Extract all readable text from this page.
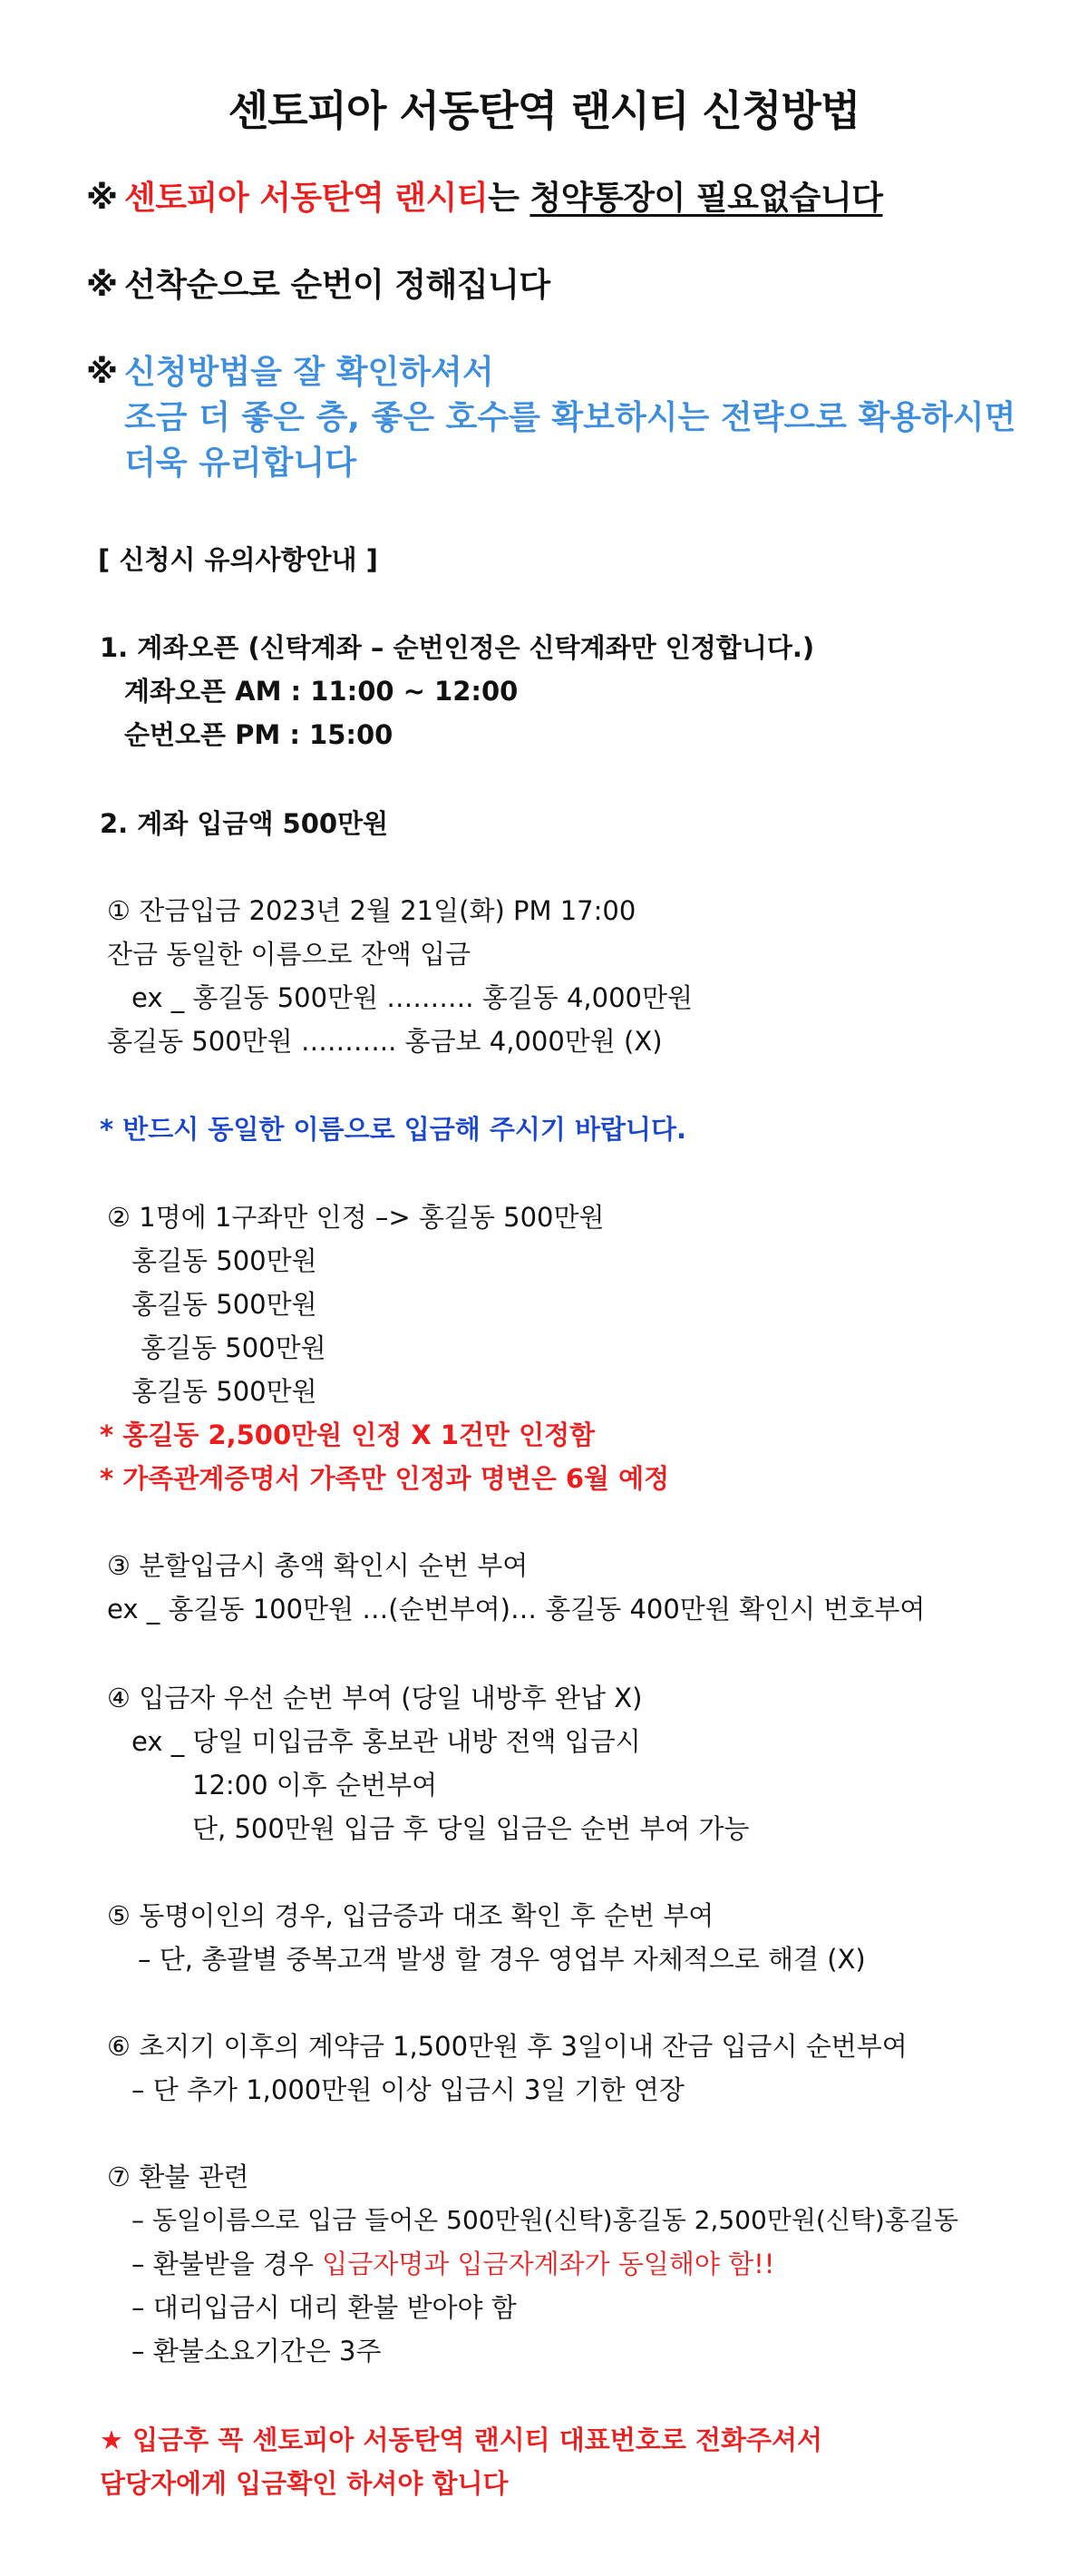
센토피아 서동탄역 랜시티 신청방법
※ 센토피아 서동탄역 랜시티는 청약통장이 필요없습니다
※ 선착순으로 순번이 정해집니다
※ 신청방법을 잘 확인하셔서
조금 더 좋은 층, 좋은 호수를 확보하시는 전략으로 확용하시면
더욱 유리합니다
[ 신청시 유의사항안내 ]
1. 계좌오픈 (신탁계좌 – 순번인정은 신탁계좌만 인정합니다.)
계좌오픈 AM : 11:00 ~ 12:00
순번오픈 PM : 15:00
2. 계좌 입금액 500만원
① 잔금입금 2023년 2월 21일(화) PM 17:00
잔금 동일한 이름으로 잔액 입금
ex _ 홍길동 500만원 ………. 홍길동 4,000만원
홍길동 500만원 ……….. 홍금보 4,000만원 (X)
* 반드시 동일한 이름으로 입금해 주시기 바랍니다.
② 1명에 1구좌만 인정 –> 홍길동 500만원
홍길동 500만원
홍길동 500만원
홍길동 500만원
홍길동 500만원
* 홍길동 2,500만원 인정 X 1건만 인정함
* 가족관계증명서 가족만 인정과 명변은 6월 예정
③ 분할입금시 총액 확인시 순번 부여
ex _ 홍길동 100만원 …(순번부여)… 홍길동 400만원 확인시 번호부여
④ 입금자 우선 순번 부여 (당일 내방후 완납 X)
ex _ 당일 미입금후 홍보관 내방 전액 입금시
12:00 이후 순번부여
단, 500만원 입금 후 당일 입금은 순번 부여 가능
⑤ 동명이인의 경우, 입금증과 대조 확인 후 순번 부여
– 단, 총괄별 중복고객 발생 할 경우 영업부 자체적으로 해결 (X)
⑥ 초지기 이후의 계약금 1,500만원 후 3일이내 잔금 입금시 순번부여
– 단 추가 1,000만원 이상 입금시 3일 기한 연장
⑦ 환불 관련
– 동일이름으로 입금 들어온 500만원(신탁)홍길동 2,500만원(신탁)홍길동
– 환불받을 경우 입금자명과 입금자계좌가 동일해야 함!!
– 대리입금시 대리 환불 받아야 함
– 환불소요기간은 3주
★ 입금후 꼭 센토피아 서동탄역 랜시티 대표번호로 전화주셔서
담당자에게 입금확인 하셔야 합니다
